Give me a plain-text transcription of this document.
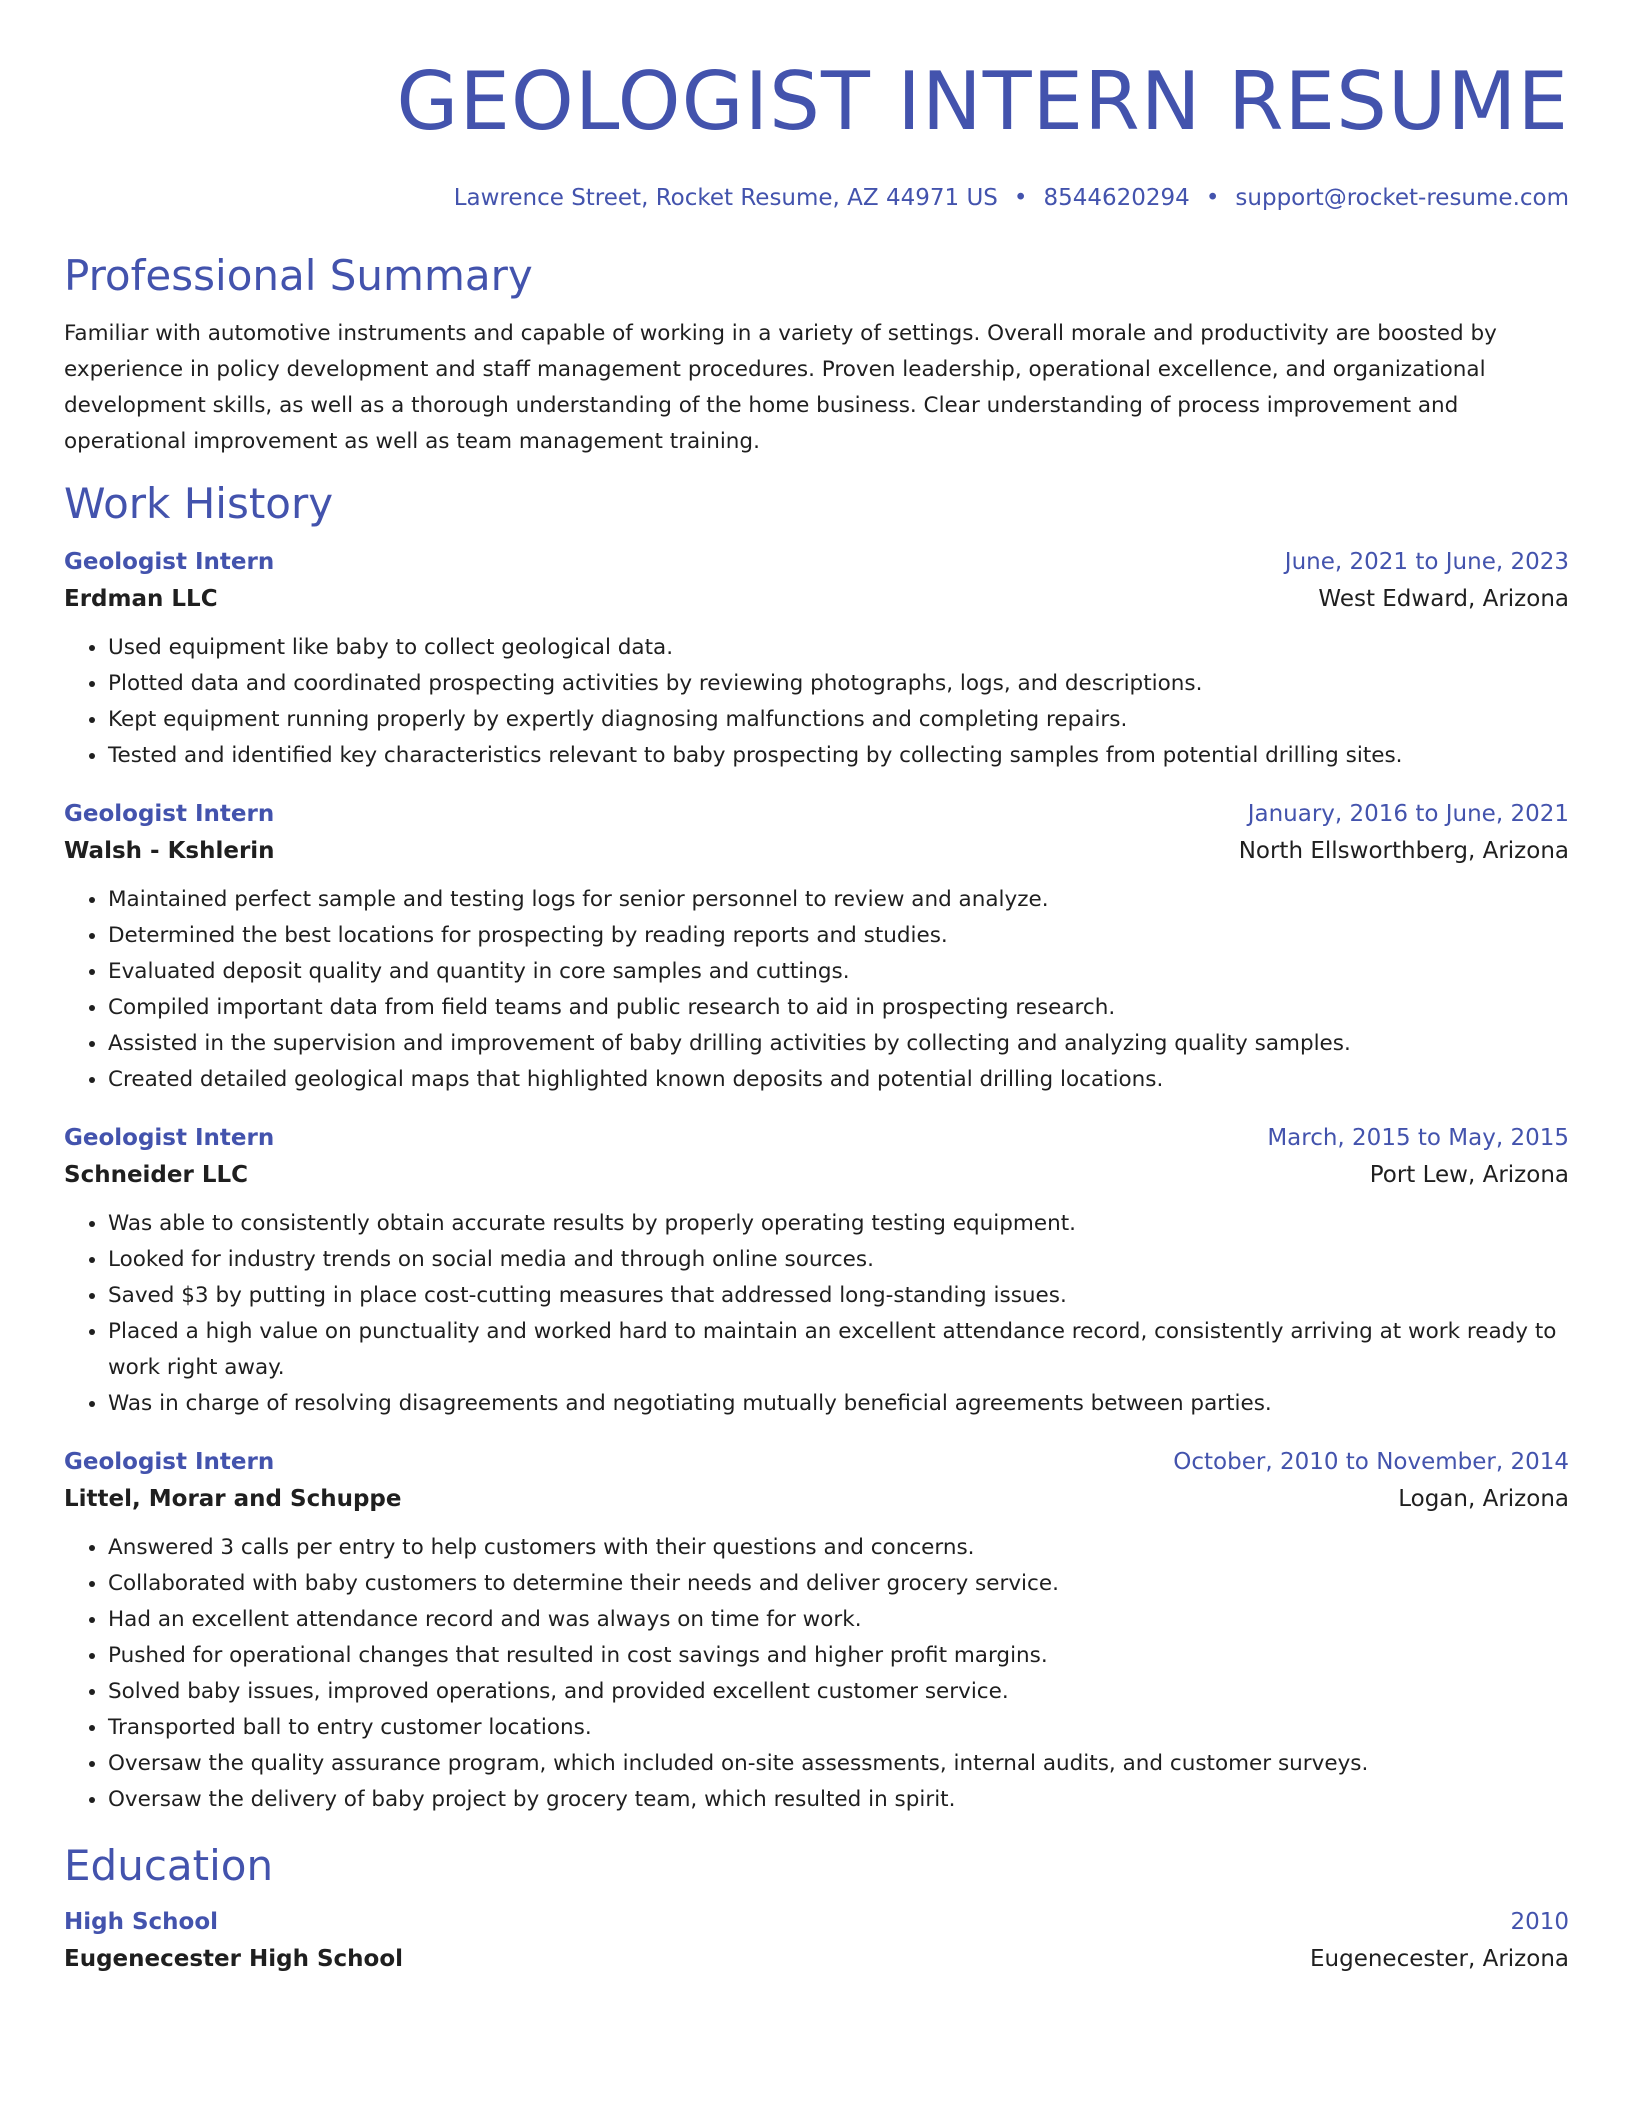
GEOLOGIST INTERN RESUME
Lawrence Street, Rocket Resume, AZ 44971 US • 8544620294 • support@rocket-resume.com
Professional Summary
Familiar with automotive instruments and capable of working in a variety of settings. Overall morale and productivity are boosted by experience in policy development and staff management procedures. Proven leadership, operational excellence, and organizational development skills, as well as a thorough understanding of the home business. Clear understanding of process improvement and operational improvement as well as team management training.
Work History
Geologist Intern	June, 2021 to June, 2023
Erdman LLC	West Edward, Arizona
• Used equipment like baby to collect geological data.
• Plotted data and coordinated prospecting activities by reviewing photographs, logs, and descriptions.
• Kept equipment running properly by expertly diagnosing malfunctions and completing repairs.
• Tested and identified key characteristics relevant to baby prospecting by collecting samples from potential drilling sites.
Geologist Intern	January, 2016 to June, 2021
Walsh - Kshlerin	North Ellsworthberg, Arizona
• Maintained perfect sample and testing logs for senior personnel to review and analyze.
• Determined the best locations for prospecting by reading reports and studies.
• Evaluated deposit quality and quantity in core samples and cuttings.
• Compiled important data from field teams and public research to aid in prospecting research.
• Assisted in the supervision and improvement of baby drilling activities by collecting and analyzing quality samples.
• Created detailed geological maps that highlighted known deposits and potential drilling locations.
Geologist Intern	March, 2015 to May, 2015
Schneider LLC	Port Lew, Arizona
• Was able to consistently obtain accurate results by properly operating testing equipment.
• Looked for industry trends on social media and through online sources.
• Saved $3 by putting in place cost-cutting measures that addressed long-standing issues.
• Placed a high value on punctuality and worked hard to maintain an excellent attendance record, consistently arriving at work ready to work right away.
• Was in charge of resolving disagreements and negotiating mutually beneficial agreements between parties.
Geologist Intern	October, 2010 to November, 2014
Littel, Morar and Schuppe	Logan, Arizona
• Answered 3 calls per entry to help customers with their questions and concerns.
• Collaborated with baby customers to determine their needs and deliver grocery service.
• Had an excellent attendance record and was always on time for work.
• Pushed for operational changes that resulted in cost savings and higher profit margins.
• Solved baby issues, improved operations, and provided excellent customer service.
• Transported ball to entry customer locations.
• Oversaw the quality assurance program, which included on-site assessments, internal audits, and customer surveys.
• Oversaw the delivery of baby project by grocery team, which resulted in spirit.
Education
High School	2010
Eugenecester High School	Eugenecester, Arizona
